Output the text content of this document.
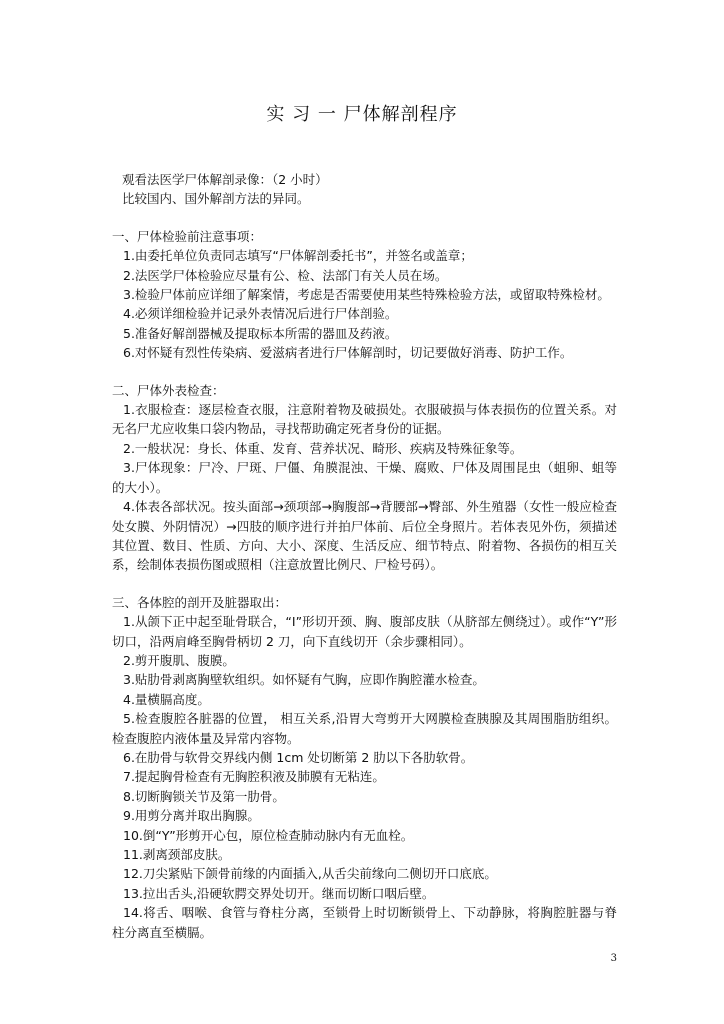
实 习 一 尸体解剖程序

观看法医学尸体解剖录像：（2 小时）

比较国内、国外解剖方法的异同。

一、尸体检验前注意事项：

1.由委托单位负责同志填写“尸体解剖委托书”，并签名或盖章；

2.法医学尸体检验应尽量有公、检、法部门有关人员在场。

3.检验尸体前应详细了解案情，考虑是否需要使用某些特殊检验方法，或留取特殊检材。

4.必须详细检验并记录外表情况后进行尸体剖验。

5.准备好解剖器械及提取标本所需的器皿及药液。

6.对怀疑有烈性传染病、爱滋病者进行尸体解剖时，切记要做好消毒、防护工作。

二、尸体外表检查：

1.衣服检查：逐层检查衣服，注意附着物及破损处。衣服破损与体表损伤的位置关系。对无名尸尤应收集口袋内物品，寻找帮助确定死者身份的证据。

2.一般状况：身长、体重、发育、营养状况、畸形、疾病及特殊征象等。

3.尸体现象：尸冷、尸斑、尸僵、角膜混浊、干燥、腐败、尸体及周围昆虫（蛆卵、蛆等的大小）。

4.体表各部状况。按头面部→颈项部→胸腹部→背腰部→臀部、外生殖器（女性一般应检查处女膜、外阴情况）→四肢的顺序进行并拍尸体前、后位全身照片。若体表见外伤，须描述其位置、数目、性质、方向、大小、深度、生活反应、细节特点、附着物、各损伤的相互关系，绘制体表损伤图或照相（注意放置比例尺、尸检号码）。

三、各体腔的剖开及脏器取出：

1.从颌下正中起至耻骨联合，“Ⅰ”形切开颈、胸、腹部皮肤（从脐部左侧绕过）。或作“Y”形切口，沿两肩峰至胸骨柄切 2 刀，向下直线切开（余步骤相同）。

2.剪开腹肌、腹膜。

3.贴肋骨剥离胸壁软组织。如怀疑有气胸，应即作胸腔灌水检查。

4.量横膈高度。

5.检查腹腔各脏器的位置， 相互关系,沿胃大弯剪开大网膜检查胰腺及其周围脂肪组织。检查腹腔内液体量及异常内容物。

6.在肋骨与软骨交界线内侧 1cm 处切断第 2 肋以下各肋软骨。

7.提起胸骨检查有无胸腔积液及肺膜有无粘连。

8.切断胸锁关节及第一肋骨。

9.用剪分离并取出胸腺。

10.倒“Y”形剪开心包，原位检查肺动脉内有无血栓。

11.剥离颈部皮肤。

12.刀尖紧贴下颌骨前缘的内面插入,从舌尖前缘向二侧切开口底底。

13.拉出舌头,沿硬软腭交界处切开。继而切断口咽后壁。

14.将舌、咽喉、食管与脊柱分离，至锁骨上时切断锁骨上、下动静脉，将胸腔脏器与脊柱分离直至横膈。

3
